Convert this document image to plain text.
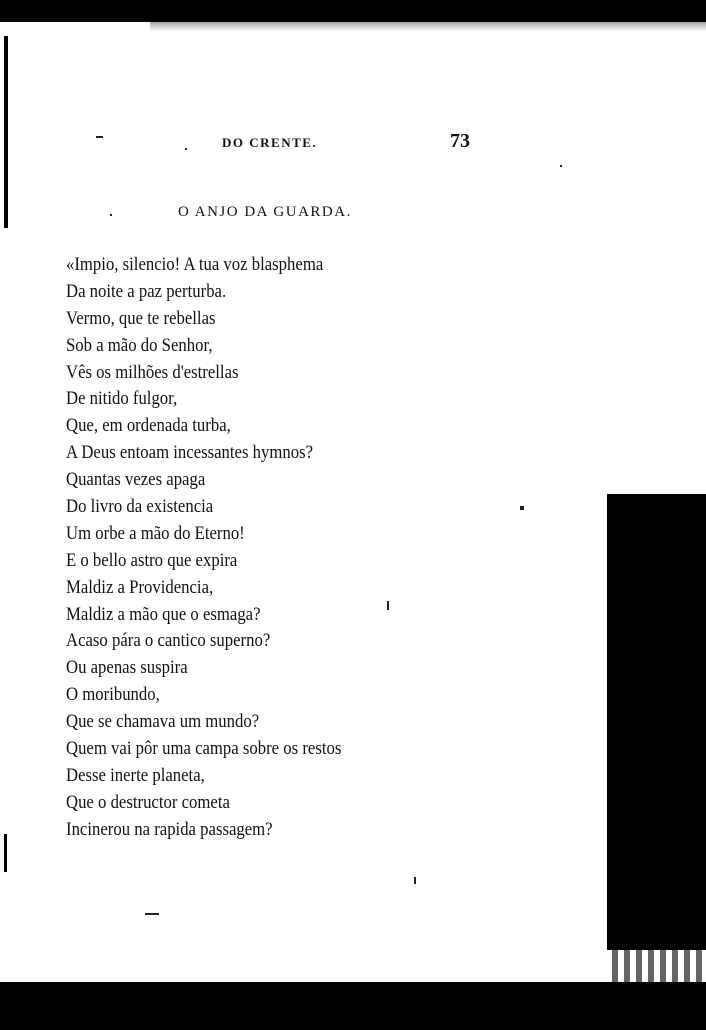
DO CRENTE.	73
O ANJO DA GUARDA.
«Impio, silencio! A tua voz blasphema
Da noite a paz perturba.
Vermo, que te rebellas
Sob a mão do Senhor,
Vês os milhões d'estrellas
De nitido fulgor,
Que, em ordenada turba,
A Deus entoam incessantes hymnos?
Quantas vezes apaga
Do livro da existencia
Um orbe a mão do Eterno!
E o bello astro que expira
Maldiz a Providencia,
Maldiz a mão que o esmaga?
Acaso pára o cantico superno?
Ou apenas suspira
O moribundo,
Que se chamava um mundo?
Quem vai pôr uma campa sobre os restos
Desse inerte planeta,
Que o destructor cometa
Incinerou na rapida passagem?
